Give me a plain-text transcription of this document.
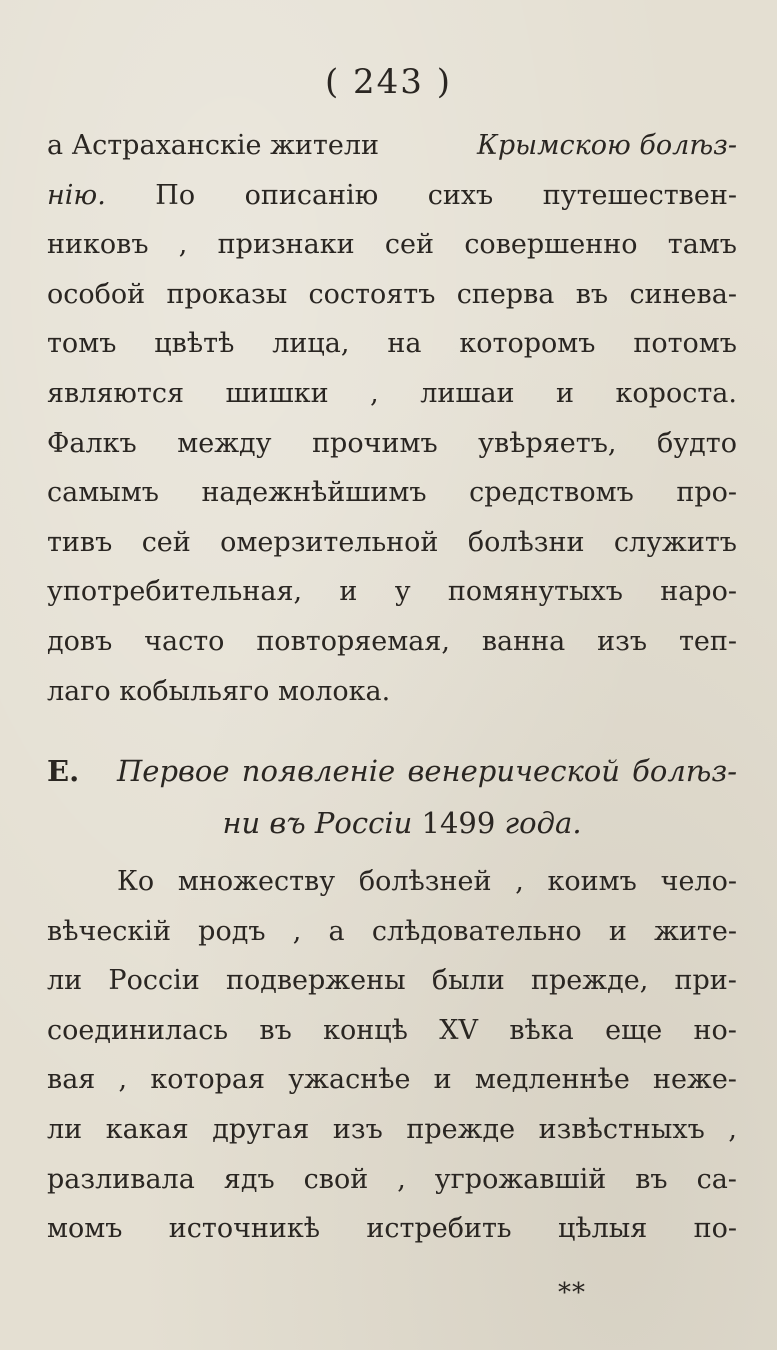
( 243 )
а Астраханскіе жители	Крымскою болѣз-
нію. По описанію сихъ путешествен-
никовъ , признаки сей совершенно тамъ
особой проказы состоятъ сперва въ синева-
томъ цвѣтѣ лица, на которомъ потомъ
являются шишки , лишаи и короста.
Фалкъ между прочимъ увѣряетъ, будто
самымъ надежнѣйшимъ средствомъ про-
тивъ сей омерзительной болѣзни служитъ
употребительная, и у помянутыхъ наро-
довъ часто повторяемая, ванна изъ теп-
лаго кобыльяго молока.
Е.	Первое появленіе венерической болѣз-
ни въ Россіи 1499 года.
Ко множеству болѣзней , коимъ чело-
вѣческій родъ , а слѣдовательно и жите-
ли Россіи подвержены были прежде, при-
соединилась въ концѣ XV вѣка еще но-
вая , которая ужаснѣе и медленнѣе неже-
ли какая другая изъ прежде извѣстныхъ ,
разливала ядъ свой , угрожавшій въ са-
момъ источникѣ истребить цѣлыя по-
**
